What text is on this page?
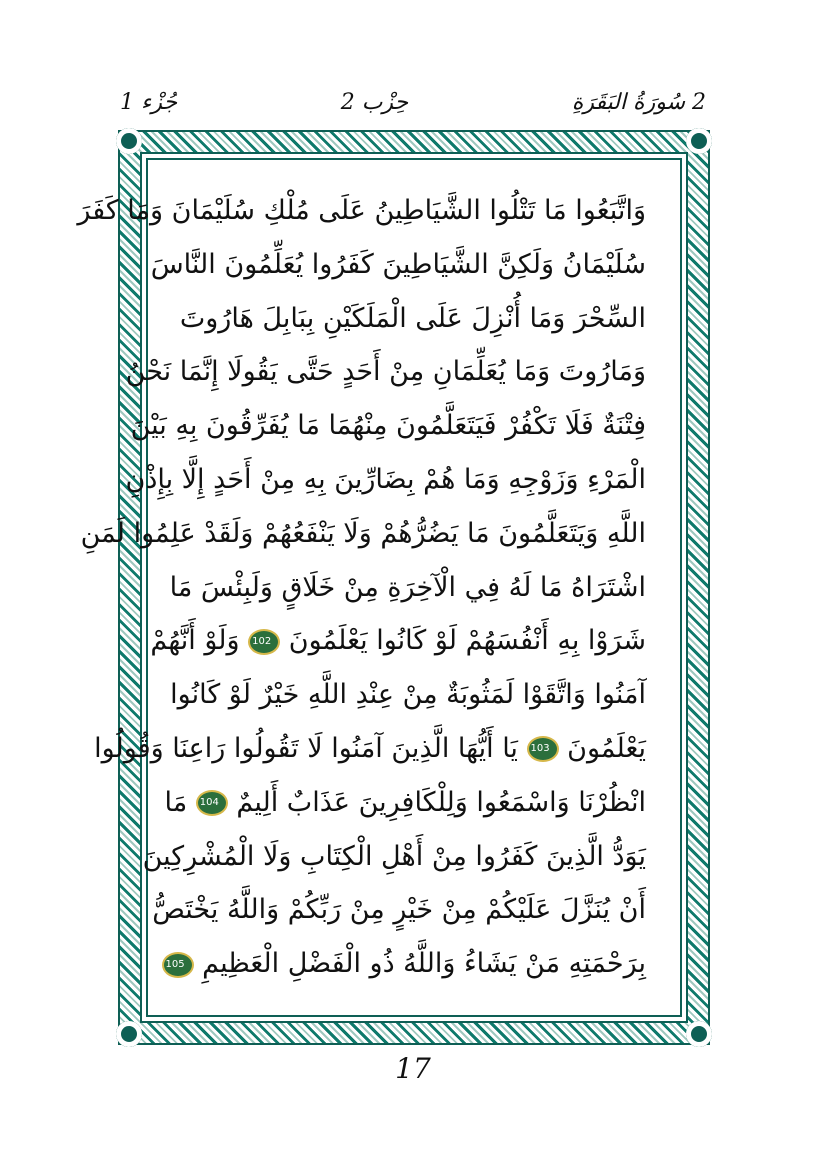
2 سُورَةُ البَقَرَةِ
حِزْب 2
جُزْء 1
وَاتَّبَعُوا مَا تَتْلُوا الشَّيَاطِينُ عَلَى مُلْكِ سُلَيْمَانَ وَمَا كَفَرَ
سُلَيْمَانُ وَلَكِنَّ الشَّيَاطِينَ كَفَرُوا يُعَلِّمُونَ النَّاسَ
السِّحْرَ وَمَا أُنْزِلَ عَلَى الْمَلَكَيْنِ بِبَابِلَ هَارُوتَ
وَمَارُوتَ وَمَا يُعَلِّمَانِ مِنْ أَحَدٍ حَتَّى يَقُولَا إِنَّمَا نَحْنُ
فِتْنَةٌ فَلَا تَكْفُرْ فَيَتَعَلَّمُونَ مِنْهُمَا مَا يُفَرِّقُونَ بِهِ بَيْنَ
الْمَرْءِ وَزَوْجِهِ وَمَا هُمْ بِضَارِّينَ بِهِ مِنْ أَحَدٍ إِلَّا بِإِذْنِ
اللَّهِ وَيَتَعَلَّمُونَ مَا يَضُرُّهُمْ وَلَا يَنْفَعُهُمْ وَلَقَدْ عَلِمُوا لَمَنِ
اشْتَرَاهُ مَا لَهُ فِي الْآخِرَةِ مِنْ خَلَاقٍ وَلَبِئْسَ مَا
شَرَوْا بِهِ أَنْفُسَهُمْ لَوْ كَانُوا يَعْلَمُونَ 102 وَلَوْ أَنَّهُمْ
آمَنُوا وَاتَّقَوْا لَمَثُوبَةٌ مِنْ عِنْدِ اللَّهِ خَيْرٌ لَوْ كَانُوا
يَعْلَمُونَ 103 يَا أَيُّهَا الَّذِينَ آمَنُوا لَا تَقُولُوا رَاعِنَا وَقُولُوا
انْظُرْنَا وَاسْمَعُوا وَلِلْكَافِرِينَ عَذَابٌ أَلِيمٌ 104 مَا
يَوَدُّ الَّذِينَ كَفَرُوا مِنْ أَهْلِ الْكِتَابِ وَلَا الْمُشْرِكِينَ
أَنْ يُنَزَّلَ عَلَيْكُمْ مِنْ خَيْرٍ مِنْ رَبِّكُمْ وَاللَّهُ يَخْتَصُّ
بِرَحْمَتِهِ مَنْ يَشَاءُ وَاللَّهُ ذُو الْفَضْلِ الْعَظِيمِ 105
17
